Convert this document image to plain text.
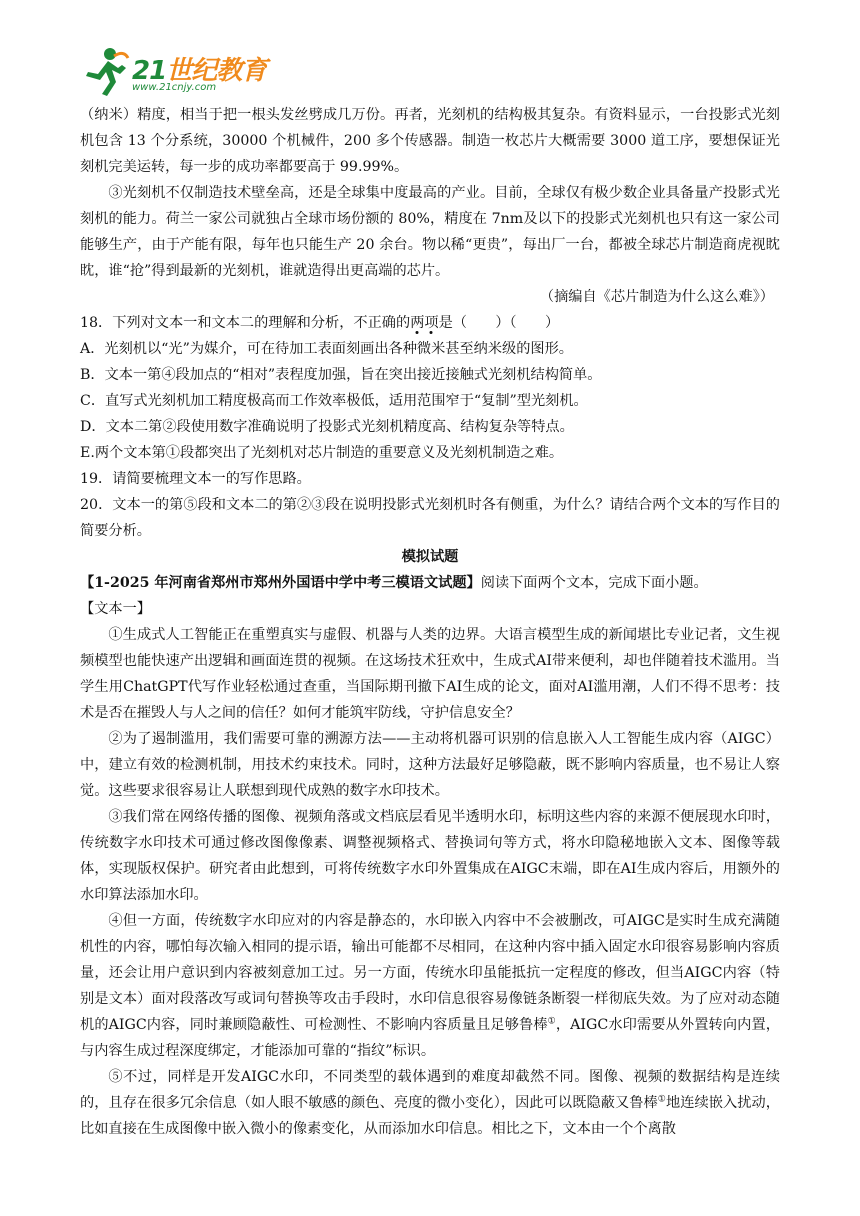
21世纪教育
www.21cnjy.com

（纳米）精度，相当于把一根头发丝劈成几万份。再者，光刻机的结构极其复杂。有资料显示，一台投影式光刻机包含 13 个分系统，30000 个机械件，200 多个传感器。制造一枚芯片大概需要 3000 道工序，要想保证光刻机完美运转，每一步的成功率都要高于 99.99%。

③光刻机不仅制造技术壁垒高，还是全球集中度最高的产业。目前，全球仅有极少数企业具备量产投影式光刻机的能力。荷兰一家公司就独占全球市场份额的 80%，精度在 7nm及以下的投影式光刻机也只有这一家公司能够生产，由于产能有限，每年也只能生产 20 余台。物以稀“更贵”，每出厂一台，都被全球芯片制造商虎视眈眈，谁“抢”得到最新的光刻机，谁就造得出更高端的芯片。

（摘编自《芯片制造为什么这么难》）

18．下列对文本一和文本二的理解和分析，不正确的两项是（　　）（　　）

A．光刻机以“光”为媒介，可在待加工表面刻画出各种微米甚至纳米级的图形。

B．文本一第④段加点的“相对”表程度加强，旨在突出接近接触式光刻机结构简单。

C．直写式光刻机加工精度极高而工作效率极低，适用范围窄于“复制”型光刻机。

D．文本二第②段使用数字准确说明了投影式光刻机精度高、结构复杂等特点。

E.两个文本第①段都突出了光刻机对芯片制造的重要意义及光刻机制造之难。

19．请简要梳理文本一的写作思路。

20．文本一的第⑤段和文本二的第②③段在说明投影式光刻机时各有侧重，为什么？请结合两个文本的写作目的简要分析。

模拟试题

【1-2025 年河南省郑州市郑州外国语中学中考三模语文试题】阅读下面两个文本，完成下面小题。

【文本一】

①生成式人工智能正在重塑真实与虚假、机器与人类的边界。大语言模型生成的新闻堪比专业记者，文生视频模型也能快速产出逻辑和画面连贯的视频。在这场技术狂欢中，生成式AI带来便利，却也伴随着技术滥用。当学生用ChatGPT代写作业轻松通过查重，当国际期刊撤下AI生成的论文，面对AI滥用潮，人们不得不思考：技术是否在摧毁人与人之间的信任？如何才能筑牢防线，守护信息安全？

②为了遏制滥用，我们需要可靠的溯源方法——主动将机器可识别的信息嵌入人工智能生成内容（AIGC）中，建立有效的检测机制，用技术约束技术。同时，这种方法最好足够隐蔽，既不影响内容质量，也不易让人察觉。这些要求很容易让人联想到现代成熟的数字水印技术。

③我们常在网络传播的图像、视频角落或文档底层看见半透明水印，标明这些内容的来源不便展现水印时，传统数字水印技术可通过修改图像像素、调整视频格式、替换词句等方式，将水印隐秘地嵌入文本、图像等载体，实现版权保护。研究者由此想到，可将传统数字水印外置集成在AIGC末端，即在AI生成内容后，用额外的水印算法添加水印。

④但一方面，传统数字水印应对的内容是静态的，水印嵌入内容中不会被删改，可AIGC是实时生成充满随机性的内容，哪怕每次输入相同的提示语，输出可能都不尽相同，在这种内容中插入固定水印很容易影响内容质量，还会让用户意识到内容被刻意加工过。另一方面，传统水印虽能抵抗一定程度的修改，但当AIGC内容（特别是文本）面对段落改写或词句替换等攻击手段时，水印信息很容易像链条断裂一样彻底失效。为了应对动态随机的AIGC内容，同时兼顾隐蔽性、可检测性、不影响内容质量且足够鲁棒①，AIGC水印需要从外置转向内置，与内容生成过程深度绑定，才能添加可靠的“指纹”标识。

⑤不过，同样是开发AIGC水印，不同类型的载体遇到的难度却截然不同。图像、视频的数据结构是连续的，且存在很多冗余信息（如人眼不敏感的颜色、亮度的微小变化），因此可以既隐蔽又鲁棒①地连续嵌入扰动，比如直接在生成图像中嵌入微小的像素变化，从而添加水印信息。相比之下，文本由一个个离散
